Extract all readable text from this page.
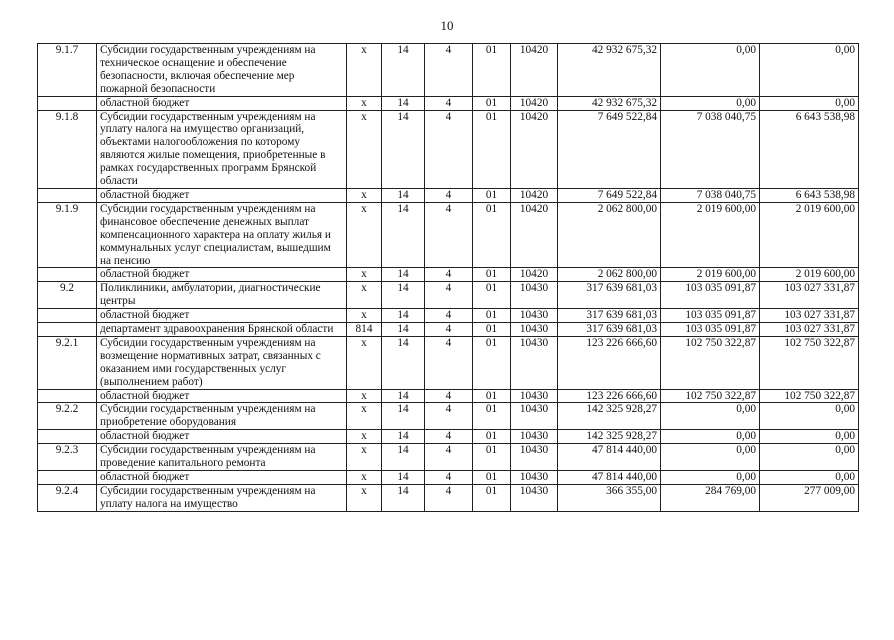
10
9.1.7	Субсидии государственным учреждениям на техническое оснащение и обеспечение безопасности, включая обеспечение мер пожарной безопасности	х	14	4	01	10420	42 932 675,32	0,00	0,00
	областной бюджет	х	14	4	01	10420	42 932 675,32	0,00	0,00
9.1.8	Субсидии государственным учреждениям на уплату налога на имущество организаций, объектами налогообложения по которому являются жилые помещения, приобретенные в рамках государственных программ Брянской области	х	14	4	01	10420	7 649 522,84	7 038 040,75	6 643 538,98
	областной бюджет	х	14	4	01	10420	7 649 522,84	7 038 040,75	6 643 538,98
9.1.9	Субсидии государственным учреждениям на финансовое обеспечение денежных выплат компенсационного характера на оплату жилья и коммунальных услуг специалистам, вышедшим на пенсию	х	14	4	01	10420	2 062 800,00	2 019 600,00	2 019 600,00
	областной бюджет	х	14	4	01	10420	2 062 800,00	2 019 600,00	2 019 600,00
9.2	Поликлиники, амбулатории, диагностические центры	х	14	4	01	10430	317 639 681,03	103 035 091,87	103 027 331,87
	областной бюджет	х	14	4	01	10430	317 639 681,03	103 035 091,87	103 027 331,87
	департамент здравоохранения Брянской области	814	14	4	01	10430	317 639 681,03	103 035 091,87	103 027 331,87
9.2.1	Субсидии государственным учреждениям на возмещение нормативных затрат, связанных с оказанием ими государственных услуг (выполнением работ)	х	14	4	01	10430	123 226 666,60	102 750 322,87	102 750 322,87
	областной бюджет	х	14	4	01	10430	123 226 666,60	102 750 322,87	102 750 322,87
9.2.2	Субсидии государственным учреждениям на приобретение оборудования	х	14	4	01	10430	142 325 928,27	0,00	0,00
	областной бюджет	х	14	4	01	10430	142 325 928,27	0,00	0,00
9.2.3	Субсидии государственным учреждениям на проведение капитального ремонта	х	14	4	01	10430	47 814 440,00	0,00	0,00
	областной бюджет	х	14	4	01	10430	47 814 440,00	0,00	0,00
9.2.4	Субсидии государственным учреждениям на уплату налога на имущество	х	14	4	01	10430	366 355,00	284 769,00	277 009,00
